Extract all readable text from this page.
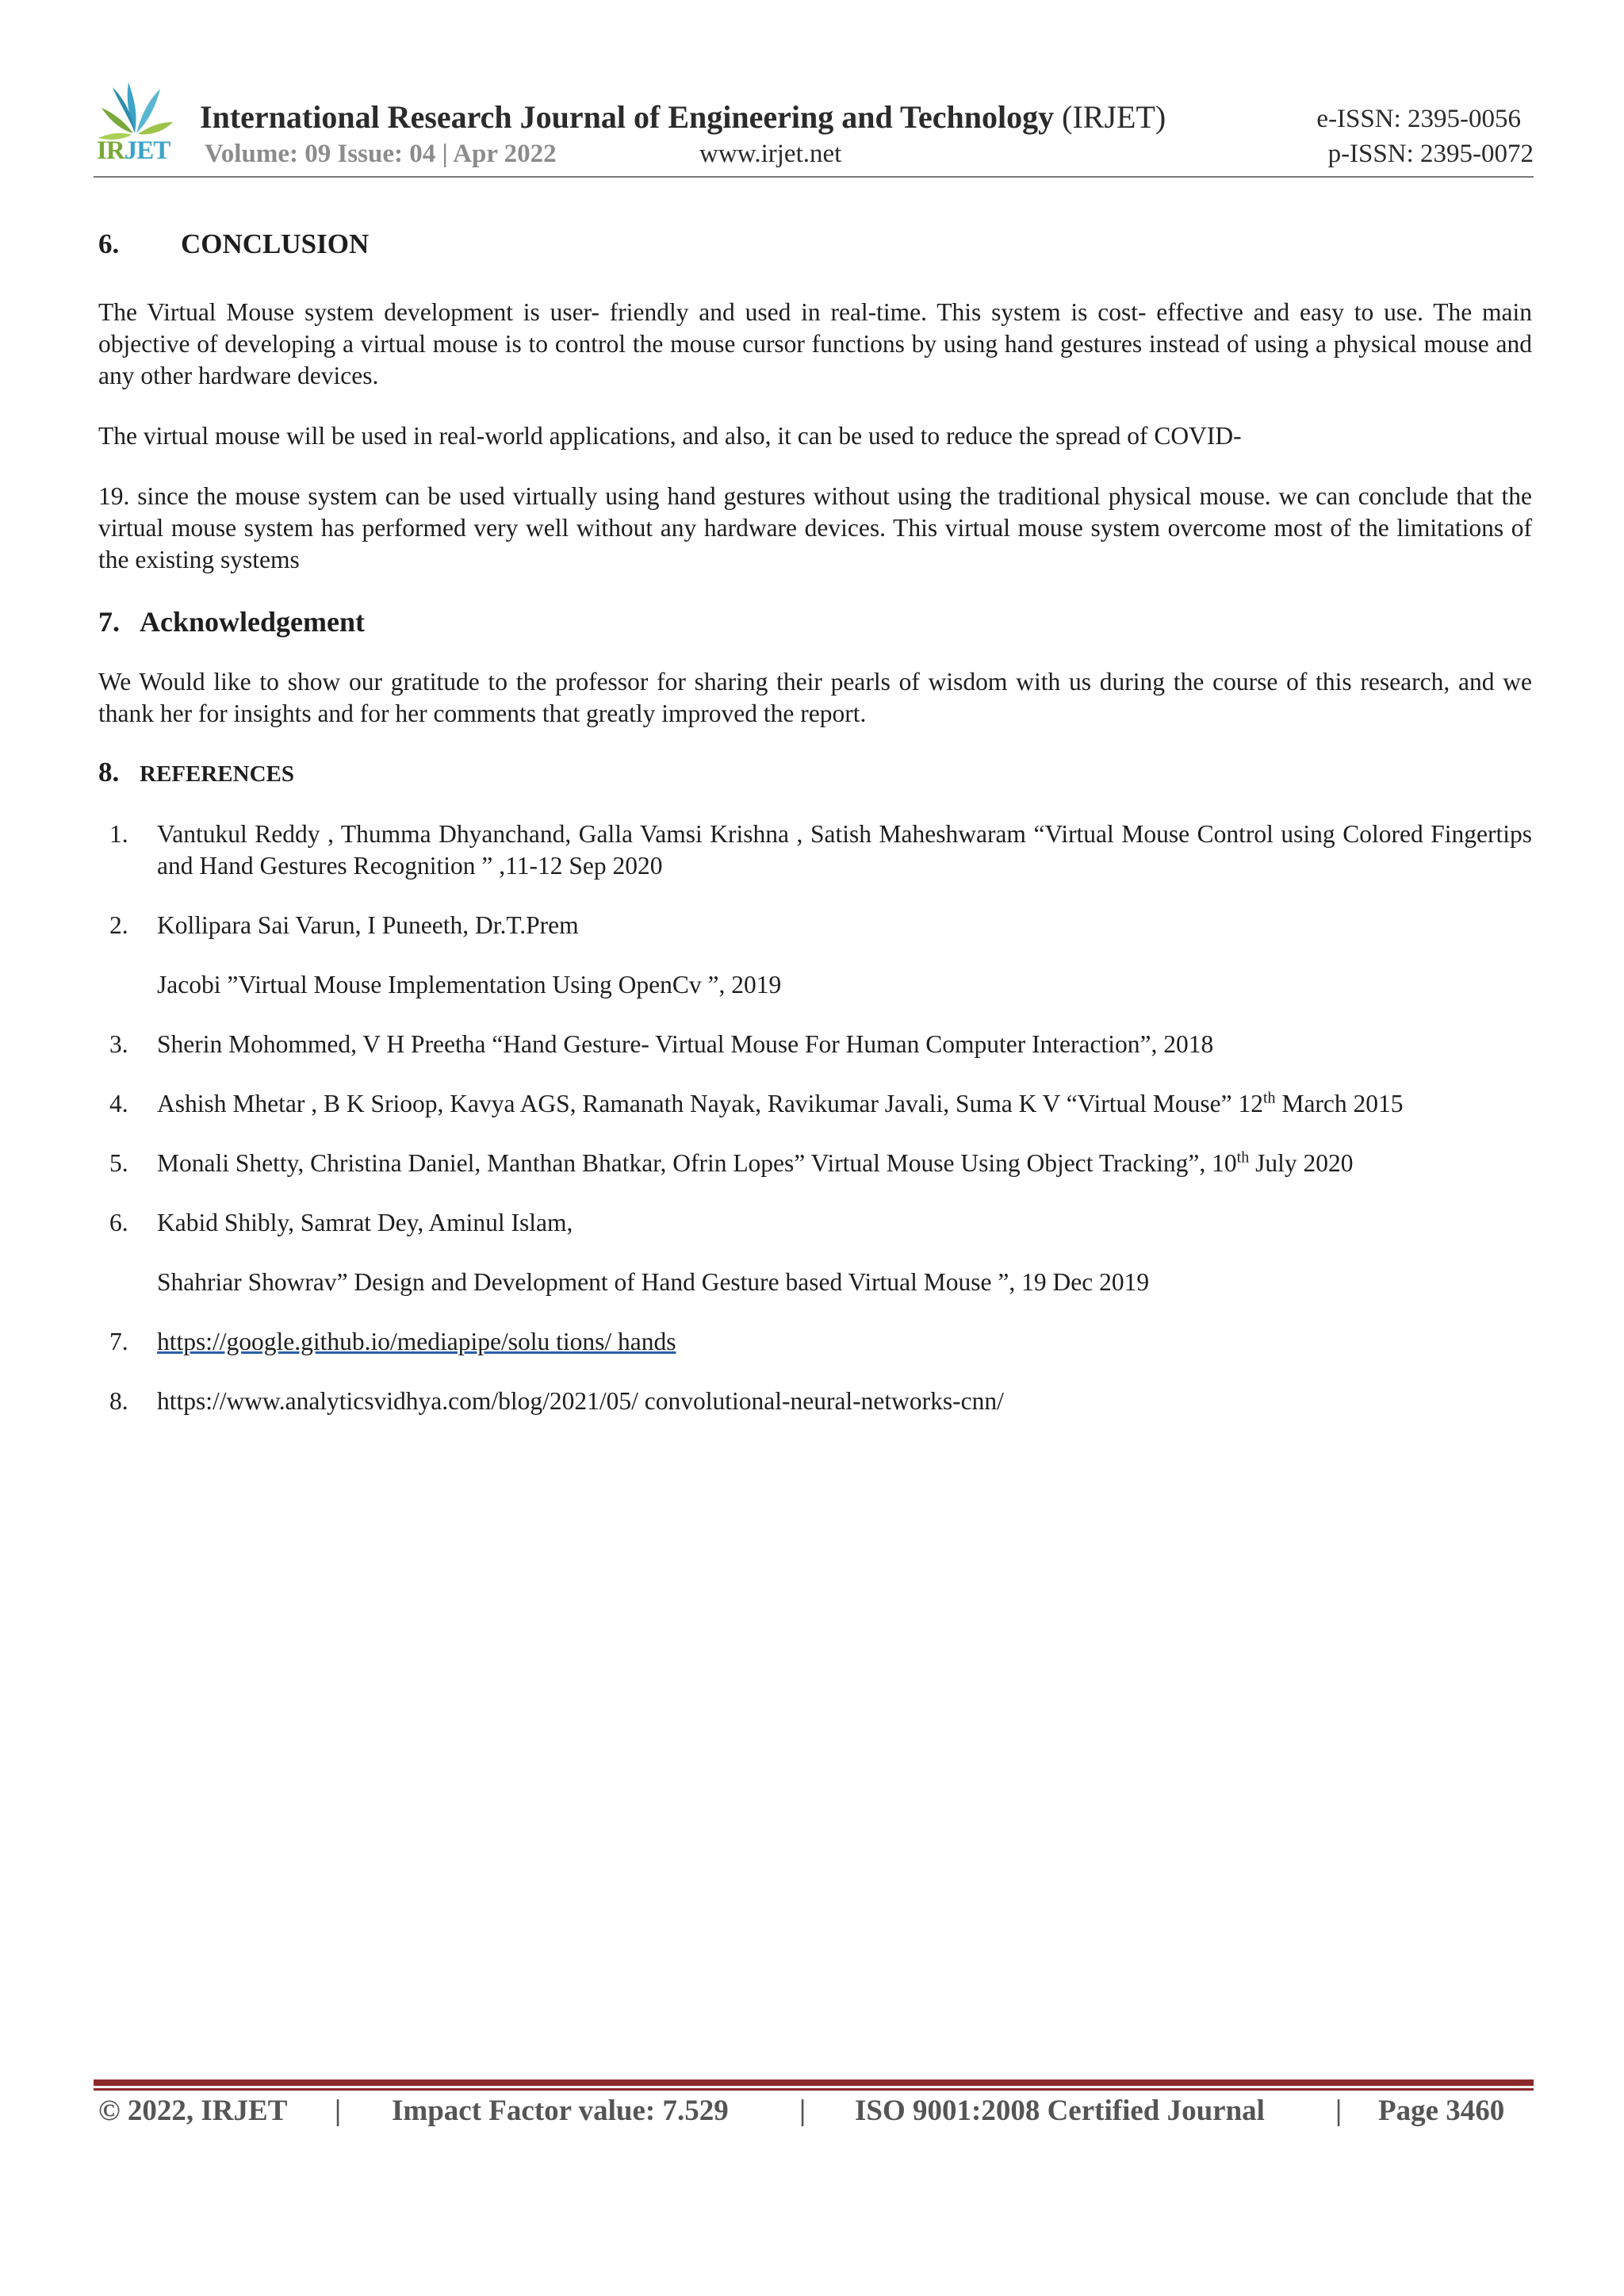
IRJET
International Research Journal of Engineering and Technology (IRJET)
Volume: 09 Issue: 04 | Apr 2022	www.irjet.net
e-ISSN: 2395-0056
p-ISSN: 2395-0072
6.	CONCLUSION

The Virtual Mouse system development is user- friendly and used in real-time. This system is cost- effective and easy to use. The main objective of developing a virtual mouse is to control the mouse cursor functions by using hand gestures instead of using a physical mouse and any other hardware devices.

The virtual mouse will be used in real-world applications, and also, it can be used to reduce the spread of COVID-

19. since the mouse system can be used virtually using hand gestures without using the traditional physical mouse. we can conclude that the virtual mouse system has performed very well without any hardware devices. This virtual mouse system overcome most of the limitations of the existing systems

7. Acknowledgement

We Would like to show our gratitude to the professor for sharing their pearls of wisdom with us during the course of this research, and we thank her for insights and for her comments that greatly improved the report.

8. REFERENCES
1.	Vantukul Reddy , Thumma Dhyanchand, Galla Vamsi Krishna , Satish Maheshwaram “Virtual Mouse Control using Colored Fingertips and Hand Gestures Recognition ” ,11-12 Sep 2020
2.	Kollipara Sai Varun, I Puneeth, Dr.T.Prem
Jacobi ”Virtual Mouse Implementation Using OpenCv ”, 2019
3.	Sherin Mohommed, V H Preetha “Hand Gesture- Virtual Mouse For Human Computer Interaction”, 2018
4.	Ashish Mhetar , B K Srioop, Kavya AGS, Ramanath Nayak, Ravikumar Javali, Suma K V “Virtual Mouse” 12th March 2015
5.	Monali Shetty, Christina Daniel, Manthan Bhatkar, Ofrin Lopes” Virtual Mouse Using Object Tracking”, 10th July 2020
6.	Kabid Shibly, Samrat Dey, Aminul Islam,
Shahriar Showrav” Design and Development of Hand Gesture based Virtual Mouse ”, 19 Dec 2019
7.	https://google.github.io/mediapipe/solu tions/ hands
8.	https://www.analyticsvidhya.com/blog/2021/05/ convolutional-neural-networks-cnn/
© 2022, IRJET | Impact Factor value: 7.529 | ISO 9001:2008 Certified Journal | Page 3460
